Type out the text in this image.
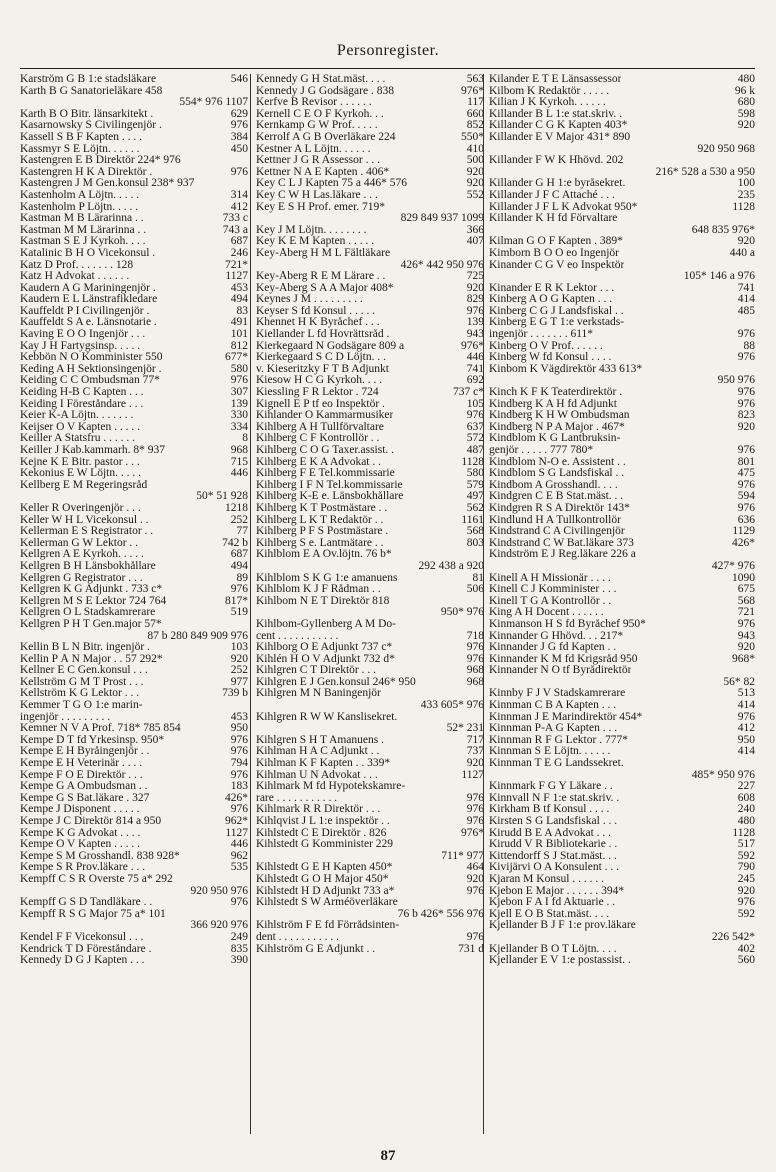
Personregister.
Karström G B 1:e stadsläkare	546
Karth B G Sanatorieläkare 458
554* 976 1107
Karth B O Bitr. länsarkitekt .	629
Kasarnowsky S Civilingenjör .	976
Kassell S B F Kapten . . . .	384
Kassmyr S E Löjtn. . . . . .	450
Kastengren E B Direktör 224* 976
Kastengren H K A Direktör .	976
Kastengren J M Gen.konsul 238* 937
Kastenholm A Löjtn. . . . .	314
Kastenholm P Löjtn. . . . .	412
Kastman M B Lärarinna . .	733 c
Kastman M M Lärarinna . .	743 a
Kastman S E J Kyrkoh. . . .	687
Katalinic B H O Vicekonsul .	246
Katz D Prof. . . . . . . 128	721*
Katz H Advokat . . . . . .	1127
Kaudern A G Mariningenjör .	453
Kaudern E L Länstrafikledare	494
Kauffeldt P I Civilingenjör .	83
Kauffeldt S A e. Länsnotarie .	491
Kaving E O O Ingenjör . . .	101
Kay J H Fartygsinsp. . . . .	812
Kebbön N O Komminister 550	677*
Keding A H Sektionsingenjör .	580
Keiding C C Ombudsman 77*	976
Keiding H-B C Kapten . . .	307
Keiding I Föreståndare . . .	139
Keier K-A Löjtn. . . . . . .	330
Keijser O V Kapten . . . . .	334
Keiller A Statsfru . . . . . .	8
Keiller J Kab.kammarh. 8* 937	968
Kejne K E Bitr. pastor . . .	715
Kekonius E W Löjtn. . . . .	446
Kellberg E M Regeringsråd
50* 51 928
Keller R Överingenjör . . .	1218
Keller W H L Vicekonsul . .	252
Kellerman E S Registrator . .	77
Kellerman G W Lektor . .	742 b
Kellgren A E Kyrkoh. . . . .	687
Kellgren B H Länsbokhållare	494
Kellgren G Registrator . . .	89
Kellgren K G Adjunkt . 733 c*	976
Kellgren M S E Lektor 724 764	817*
Kellgren O L Stadskamrerare	519
Kellgren P H T Gen.major 57*
87 b 280 849 909 976
Kellin B L N Bitr. ingenjör .	103
Kellin P Å N Major . . 57 292*	920
Kellner E C Gen.konsul . . .	252
Kellström G M T Prost . . .	977
Kellström K G Lektor . . .	739 b
Kemmer T G O 1:e marin-
ingenjör . . . . . . . . .	453
Kemner N V A Prof. 718* 785 854	950
Kempe D T fd Yrkesinsp. 950*	976
Kempe E H Byråingenjör . .	976
Kempe E H Veterinär . . . .	794
Kempe F O E Direktör . . .	976
Kempe G A Ombudsman . .	183
Kempe G S Bat.läkare . 327	426*
Kempe J Disponent . . . . .	976
Kempe J C Direktör 814 a 950	962*
Kempe K G Advokat . . . .	1127
Kempe O V Kapten . . . . .	446
Kempe S M Grosshandl. 838 928*	962
Kempe S R Prov.läkare . . .	535
Kempff C S R Överste 75 a* 292
920 950 976
Kempff G S D Tandläkare . .	976
Kempff R S G Major 75 a* 101
366 920 976
Kendel F F Vicekonsul . . .	249
Kendrick T D Föreståndare .	835
Kennedy D G J Kapten . . .	390
Kennedy G H Stat.mäst. . . .	563
Kennedy J G Godsägare . 838	976*
Kerfve B Revisor . . . . . .	117
Kernell C E O F Kyrkoh. . .	660
Kernkamp G W Prof. . . . .	852
Kerrolf A G B Överläkare 224	550*
Kestner A L Löjtn. . . . . .	410
Kettner J G R Assessor . . .	500
Kettner N A E Kapten . 406*	920
Key C L J Kapten 75 a 446* 576	920
Key C W H Las.läkare . . .	552
Key E S H Prof. emer. 719*
829 849 937 1099
Key J M Löjtn. . . . . . . .	366
Key K E M Kapten . . . . .	407
Key-Åberg H M L Fältläkare
426* 442 950 976
Key-Åberg R E M Lärare . .	725
Key-Åberg S A A Major 408*	920
Keynes J M . . . . . . . . .	829
Keyser S fd Konsul . . . . .	976
Khennet H K Byråchef . . .	139
Kiellander L fd Hovrättsråd .	943
Kierkegaard N Godsägare 809 a	976*
Kierkegaard S C D Löjtn. . .	446
v. Kieseritzky F T B Adjunkt	741
Kiesow H C G Kyrkoh. . . .	692
Kiessling F R Lektor . 724	737 c*
Kignell E P tf eo Inspektör .	105
Kihlander O Kammarmusiker	976
Kihlberg A H Tullförvaltare	637
Kihlberg C F Kontrollör . .	572
Kihlberg C O G Taxer.assist. .	487
Kihlberg E K A Advokat . .	1128
Kihlberg F E Tel.kommissarie	580
Kihlberg I F N Tel.kommissarie	579
Kihlberg K-E e. Länsbokhållare	497
Kihlberg K T Postmästare . .	562
Kihlberg L K T Redaktör . .	1161
Kihlberg P F S Postmästare .	568
Kihlberg S e. Lantmätare . .	803
Kihlblom E A Öv.löjtn. 76 b*
292 438 a 920
Kihlblom S K G 1:e amanuens	81
Kihlblom K J F Rådman . .	506
Kihlbom N E T Direktör 818
950* 976
Kihlbom-Gyllenberg A M Do-
cent . . . . . . . . . . .	718
Kihlborg O E Adjunkt 737 c*	976
Kihlén H O V Adjunkt 732 d*	976
Kihlgren C T Direktör . . .	968
Kihlgren E J Gen.konsul 246* 950	968
Kihlgren M N Baningenjör
433 605* 976
Kihlgren R W W Kanslisekret.
52* 231
Kihlgren S H T Amanuens .	717
Kihlman H A C Adjunkt . .	737
Kihlman K F Kapten . . 339*	920
Kihlman U N Advokat . . .	1127
Kihlmark M fd Hypotekskamre-
rare . . . . . . . . . . .	976
Kihlmark R R Direktör . . .	976
Kihlqvist J L 1:e inspektör . .	976
Kihlstedt C E Direktör . 826	976*
Kihlstedt G Komminister 229
711* 977
Kihlstedt G E H Kapten 450*	464
Kihlstedt G O H Major 450*	920
Kihlstedt H D Adjunkt 733 a*	976
Kihlstedt S W Arméöverläkare
76 b 426* 556 976
Kihlström F E fd Förrådsinten-
dent . . . . . . . . . . .	976
Kihlström G E Adjunkt . .	731 d
Kilander E T E Länsassessor	480
Kilbom K Redaktör . . . . .	96 k
Kilian J K Kyrkoh. . . . . .	680
Killander B L 1:e stat.skriv. .	598
Killander C G K Kapten 403*	920
Killander E V Major 431* 890
920 950 968
Killander F W K Hhövd. 202
216* 528 a 530 a 950
Killander G H 1:e byråsekret.	100
Killander J F C Attaché . . .	235
Killander J F L K Advokat 950*	1128
Killander K H fd Förvaltare
648 835 976*
Kilman G O F Kapten . 389*	920
Kimborn B O Ö eo Ingenjör	440 a
Kinander C G V eo Inspektör
105* 146 a 976
Kinander E R K Lektor . . .	741
Kinberg A O G Kapten . . .	414
Kinberg C G J Landsfiskal . .	485
Kinberg E G T 1:e verkstads-
ingenjör . . . . . . . 611*	976
Kinberg O V Prof. . . . . .	88
Kinberg W fd Konsul . . . .	976
Kinbom K Vägdirektör 433 613*
950 976
Kinch K F K Teaterdirektör .	976
Kindberg K A H fd Adjunkt	976
Kindberg K H W Ombudsman	823
Kindberg N P A Major . 467*	920
Kindblom K G Lantbruksin-
genjör . . . . . 777 780*	976
Kindblom N-O e. Assistent . .	801
Kindblom S G Landsfiskal . .	475
Kindbom A Grosshandl. . . .	976
Kindgren C E B Stat.mäst. . .	594
Kindgren R S A Direktör 143*	976
Kindlund H A Tullkontrollör	636
Kindstrand C A Civilingenjör	1129
Kindstrand C W Bat.läkare 373	426*
Kindström E J Reg.läkare 226 a
427* 976
Kinell A H Missionär . . . .	1090
Kinell C J Komminister . . .	675
Kinell T G A Kontrollör . .	568
King A H Docent . . . . . .	721
Kinmanson H S fd Byråchef 950*	976
Kinnander G Hhövd. . . 217*	943
Kinnander J G fd Kapten . .	920
Kinnander K M fd Krigsråd 950	968*
Kinnander N O tf Byrådirektör
56* 82
Kinnby F J V Stadskamrerare	513
Kinnman C B A Kapten . . .	414
Kinnman J E Marindirektör 454*	976
Kinnman P-A G Kapten . . .	412
Kinnman R F G Lektor . 777*	950
Kinnman S E Löjtn. . . . . .	414
Kinnman T E G Landssekret.
485* 950 976
Kinnmark F G Y Läkare . .	227
Kinnvall N F 1:e stat.skriv. .	608
Kirkham B tf Konsul . . . .	240
Kirsten S G Landsfiskal . . .	480
Kirudd B E A Advokat . . .	1128
Kirudd V R Bibliotekarie . .	517
Kittendorff S J Stat.mäst. . .	592
Kivijärvi O A Konsulent . . .	790
Kjaran M Konsul . . . . . .	245
Kjebon E Major . . . . . . 394*	920
Kjebon F A I fd Aktuarie . .	976
Kjell E O B Stat.mäst. . . .	592
Kjellander B J F 1:e prov.läkare
226 542*
Kjellander B O T Löjtn. . . .	402
Kjellander E V 1:e postassist. .	560
87
